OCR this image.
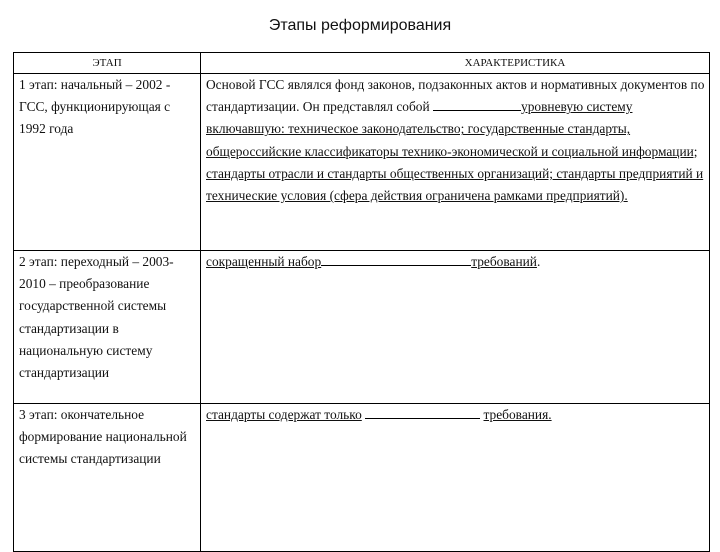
Этапы реформирования
ЭТАП	ХАРАКТЕРИСТИКА
1 этап: начальный – 2002 - ГСС, функционирующая с 1992 года	Основой ГСС являлся фонд законов, подзаконных актов и нормативных документов по стандартизации. Он представлял собой уровневую систему включавшую: техническое законодательство; государственные стандарты, общероссийские классификаторы технико-экономической и социальной информации; стандарты отрасли и стандарты общественных организаций; стандарты предприятий и технические условия (сфера действия ограничена рамками предприятий).
2 этап: переходный – 2003-2010 – преобразование государственной системы стандартизации в национальную систему стандартизации	сокращенный набор требований.
3 этап: окончательное формирование национальной системы стандартизации	стандарты содержат только требования.
